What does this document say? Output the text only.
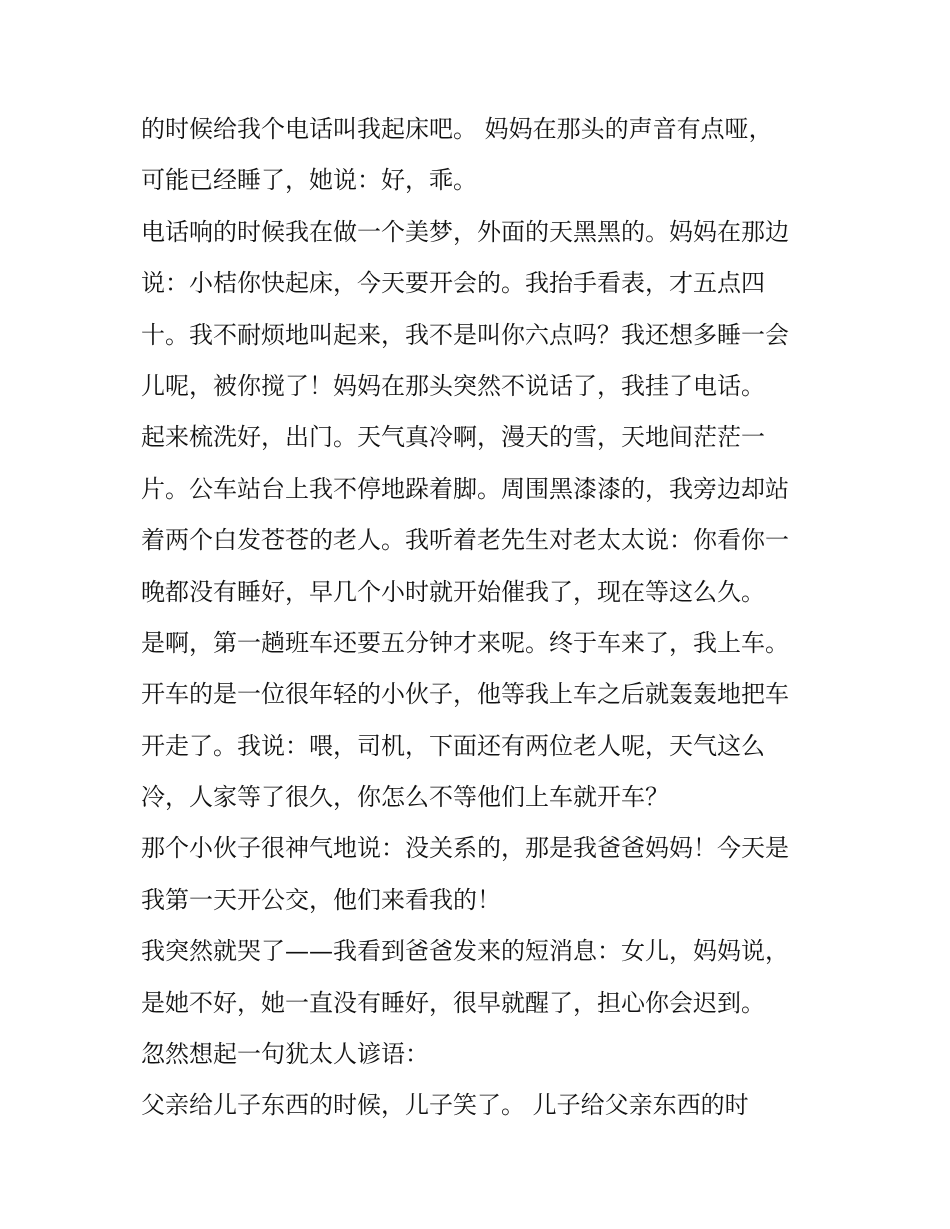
的时候给我个电话叫我起床吧。 妈妈在那头的声音有点哑，
可能已经睡了，她说：好，乖。
电话响的时候我在做一个美梦，外面的天黑黑的。妈妈在那边
说：小桔你快起床，今天要开会的。我抬手看表，才五点四
十。我不耐烦地叫起来，我不是叫你六点吗？我还想多睡一会
儿呢，被你搅了！妈妈在那头突然不说话了，我挂了电话。
起来梳洗好，出门。天气真冷啊，漫天的雪，天地间茫茫一
片。公车站台上我不停地跺着脚。周围黑漆漆的，我旁边却站
着两个白发苍苍的老人。我听着老先生对老太太说：你看你一
晚都没有睡好，早几个小时就开始催我了，现在等这么久。
是啊，第一趟班车还要五分钟才来呢。终于车来了，我上车。
开车的是一位很年轻的小伙子，他等我上车之后就轰轰地把车
开走了。我说：喂，司机，下面还有两位老人呢，天气这么
冷，人家等了很久，你怎么不等他们上车就开车？
那个小伙子很神气地说：没关系的，那是我爸爸妈妈！今天是
我第一天开公交，他们来看我的！
我突然就哭了——我看到爸爸发来的短消息：女儿，妈妈说，
是她不好，她一直没有睡好，很早就醒了，担心你会迟到。
忽然想起一句犹太人谚语：
父亲给儿子东西的时候，儿子笑了。 儿子给父亲东西的时
